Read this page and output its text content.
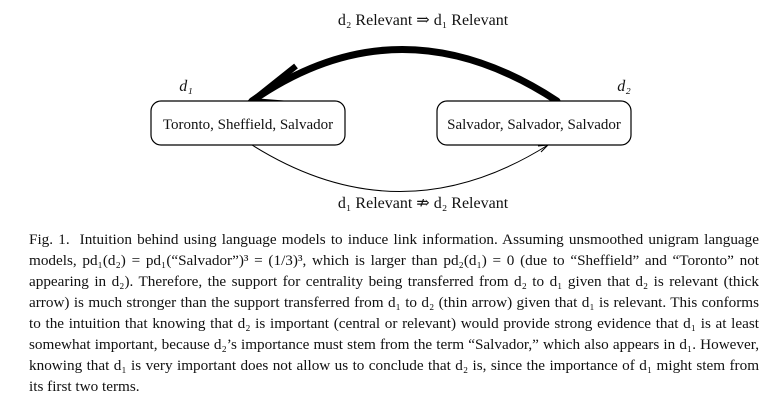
d₂ Relevant ⇒ d₁ Relevant
d₁	d₂
Toronto, Sheffield, Salvador	Salvador, Salvador, Salvador
d₁ Relevant ⇏ d₂ Relevant
Fig. 1. Intuition behind using language models to induce link information. Assuming unsmoothed unigram language models, pd₁(d₂) = pd₁(“Salvador”)³ = (1/3)³, which is larger than pd₂(d₁) = 0 (due to “Sheffield” and “Toronto” not appearing in d₂). Therefore, the support for centrality being transferred from d₂ to d₁ given that d₂ is relevant (thick arrow) is much stronger than the support transferred from d₁ to d₂ (thin arrow) given that d₁ is relevant. This conforms to the intuition that knowing that d₂ is important (central or relevant) would provide strong evidence that d₁ is at least somewhat important, because d₂’s importance must stem from the term “Salvador,” which also appears in d₁. However, knowing that d₁ is very important does not allow us to conclude that d₂ is, since the importance of d₁ might stem from its first two terms.
